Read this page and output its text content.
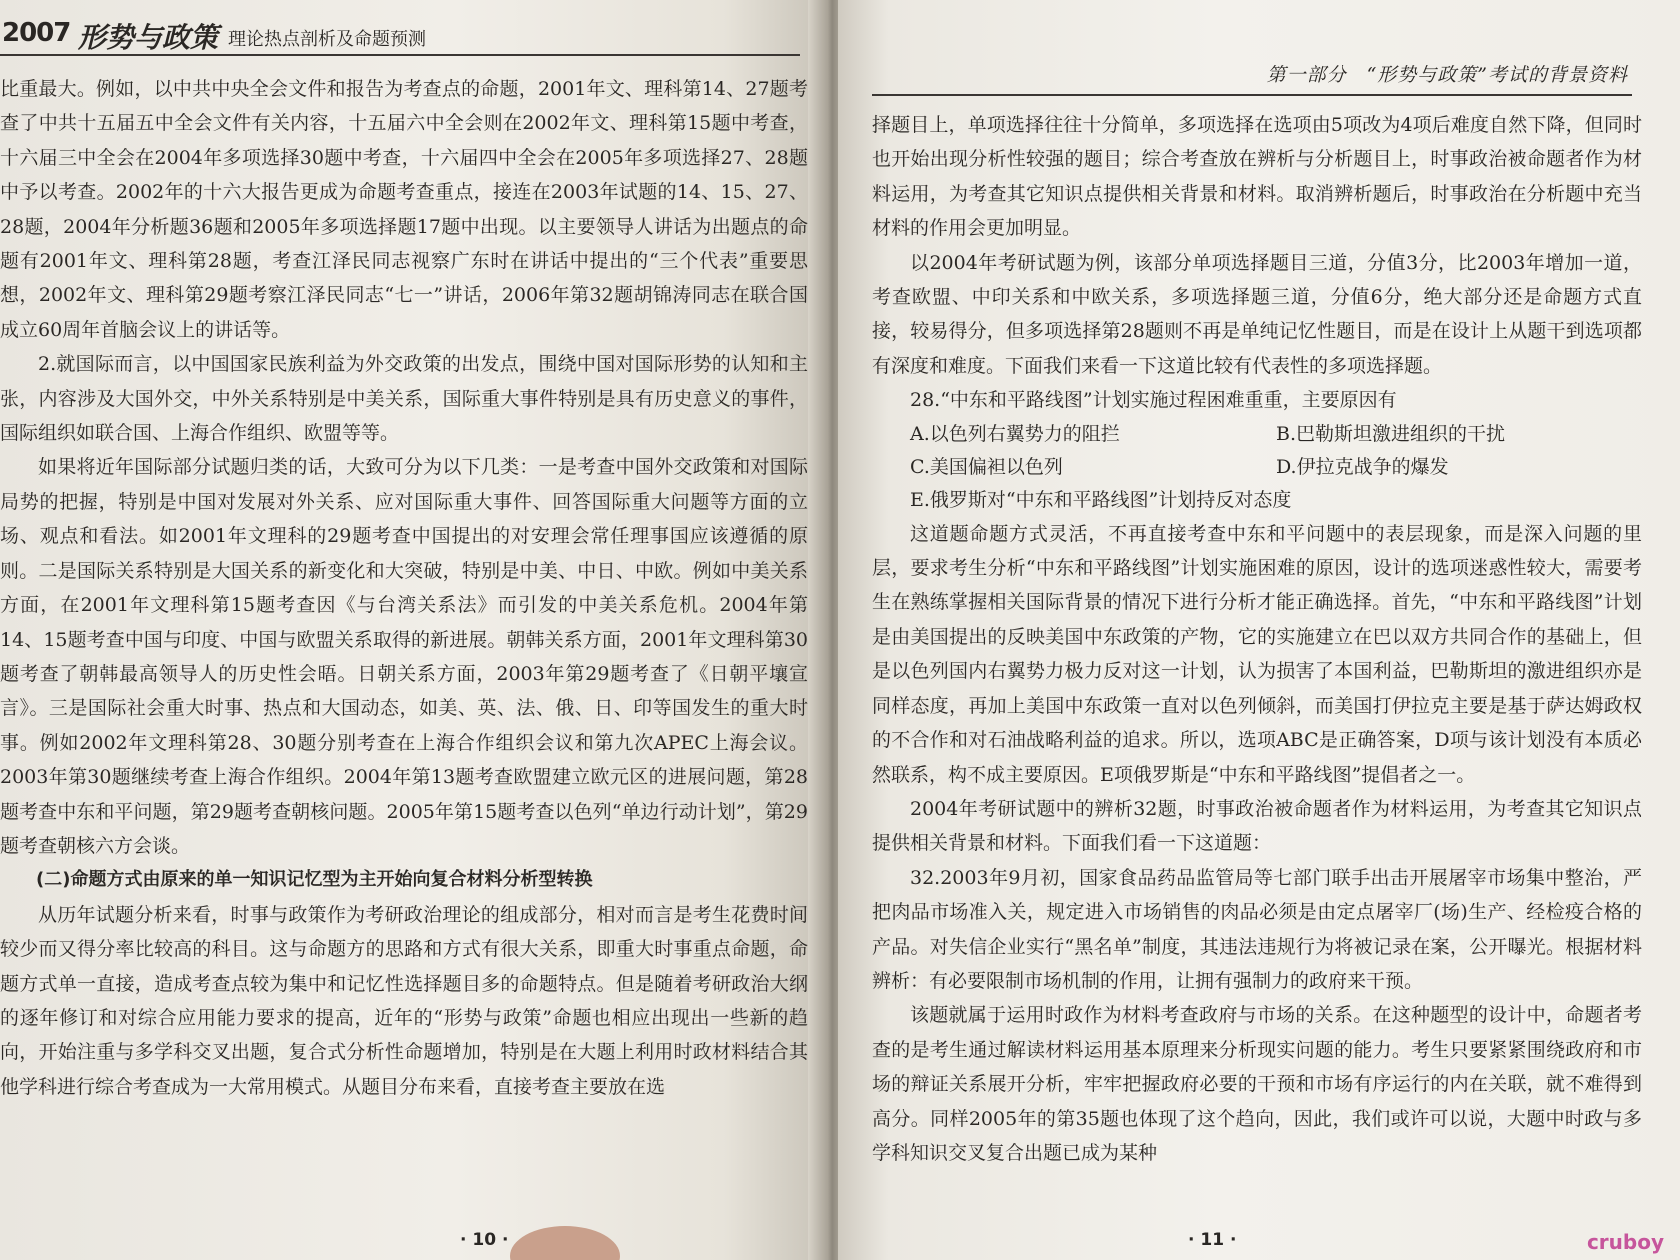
2007 形势与政策 理论热点剖析及命题预测

比重最大。例如，以中共中央全会文件和报告为考查点的命题，2001年文、理科第14、27题考查了中共十五届五中全会文件有关内容，十五届六中全会则在2002年文、理科第15题中考查，十六届三中全会在2004年多项选择30题中考查，十六届四中全会在2005年多项选择27、28题中予以考查。2002年的十六大报告更成为命题考查重点，接连在2003年试题的14、15、27、28题，2004年分析题36题和2005年多项选择题17题中出现。以主要领导人讲话为出题点的命题有2001年文、理科第28题，考查江泽民同志视察广东时在讲话中提出的“三个代表”重要思想，2002年文、理科第29题考察江泽民同志“七一”讲话，2006年第32题胡锦涛同志在联合国成立60周年首脑会议上的讲话等。

2.就国际而言，以中国国家民族利益为外交政策的出发点，围绕中国对国际形势的认知和主张，内容涉及大国外交，中外关系特别是中美关系，国际重大事件特别是具有历史意义的事件，国际组织如联合国、上海合作组织、欧盟等等。

如果将近年国际部分试题归类的话，大致可分为以下几类：一是考查中国外交政策和对国际局势的把握，特别是中国对发展对外关系、应对国际重大事件、回答国际重大问题等方面的立场、观点和看法。如2001年文理科的29题考查中国提出的对安理会常任理事国应该遵循的原则。二是国际关系特别是大国关系的新变化和大突破，特别是中美、中日、中欧。例如中美关系方面，在2001年文理科第15题考查因《与台湾关系法》而引发的中美关系危机。2004年第14、15题考查中国与印度、中国与欧盟关系取得的新进展。朝韩关系方面，2001年文理科第30题考查了朝韩最高领导人的历史性会晤。日朝关系方面，2003年第29题考查了《日朝平壤宣言》。三是国际社会重大时事、热点和大国动态，如美、英、法、俄、日、印等国发生的重大时事。例如2002年文理科第28、30题分别考查在上海合作组织会议和第九次APEC上海会议。2003年第30题继续考查上海合作组织。2004年第13题考查欧盟建立欧元区的进展问题，第28题考查中东和平问题，第29题考查朝核问题。2005年第15题考查以色列“单边行动计划”，第29题考查朝核六方会谈。

(二)命题方式由原来的单一知识记忆型为主开始向复合材料分析型转换

从历年试题分析来看，时事与政策作为考研政治理论的组成部分，相对而言是考生花费时间较少而又得分率比较高的科目。这与命题方的思路和方式有很大关系，即重大时事重点命题，命题方式单一直接，造成考查点较为集中和记忆性选择题目多的命题特点。但是随着考研政治大纲的逐年修订和对综合应用能力要求的提高，近年的“形势与政策”命题也相应出现出一些新的趋向，开始注重与多学科交叉出题，复合式分析性命题增加，特别是在大题上利用时政材料结合其他学科进行综合考查成为一大常用模式。从题目分布来看，直接考查主要放在选

· 10 ·
第一部分　“形势与政策”考试的背景资料

择题目上，单项选择往往十分简单，多项选择在选项由5项改为4项后难度自然下降，但同时也开始出现分析性较强的题目；综合考查放在辨析与分析题目上，时事政治被命题者作为材料运用，为考查其它知识点提供相关背景和材料。取消辨析题后，时事政治在分析题中充当材料的作用会更加明显。

以2004年考研试题为例，该部分单项选择题目三道，分值3分，比2003年增加一道，考查欧盟、中印关系和中欧关系，多项选择题三道，分值6分，绝大部分还是命题方式直接，较易得分，但多项选择第28题则不再是单纯记忆性题目，而是在设计上从题干到选项都有深度和难度。下面我们来看一下这道比较有代表性的多项选择题。

28.“中东和平路线图”计划实施过程困难重重，主要原因有

A.以色列右翼势力的阻拦	B.巴勒斯坦激进组织的干扰
C.美国偏袒以色列	D.伊拉克战争的爆发
E.俄罗斯对“中东和平路线图”计划持反对态度

这道题命题方式灵活，不再直接考查中东和平问题中的表层现象，而是深入问题的里层，要求考生分析“中东和平路线图”计划实施困难的原因，设计的选项迷惑性较大，需要考生在熟练掌握相关国际背景的情况下进行分析才能正确选择。首先，“中东和平路线图”计划是由美国提出的反映美国中东政策的产物，它的实施建立在巴以双方共同合作的基础上，但是以色列国内右翼势力极力反对这一计划，认为损害了本国利益，巴勒斯坦的激进组织亦是同样态度，再加上美国中东政策一直对以色列倾斜，而美国打伊拉克主要是基于萨达姆政权的不合作和对石油战略利益的追求。所以，选项ABC是正确答案，D项与该计划没有本质必然联系，构不成主要原因。E项俄罗斯是“中东和平路线图”提倡者之一。

2004年考研试题中的辨析32题，时事政治被命题者作为材料运用，为考查其它知识点提供相关背景和材料。下面我们看一下这道题：

32.2003年9月初，国家食品药品监管局等七部门联手出击开展屠宰市场集中整治，严把肉品市场准入关，规定进入市场销售的肉品必须是由定点屠宰厂(场)生产、经检疫合格的产品。对失信企业实行“黑名单”制度，其违法违规行为将被记录在案，公开曝光。根据材料辨析：有必要限制市场机制的作用，让拥有强制力的政府来干预。

该题就属于运用时政作为材料考查政府与市场的关系。在这种题型的设计中，命题者考查的是考生通过解读材料运用基本原理来分析现实问题的能力。考生只要紧紧围绕政府和市场的辩证关系展开分析，牢牢把握政府必要的干预和市场有序运行的内在关联，就不难得到高分。同样2005年的第35题也体现了这个趋向，因此，我们或许可以说，大题中时政与多学科知识交叉复合出题已成为某种

· 11 ·	cruboy
